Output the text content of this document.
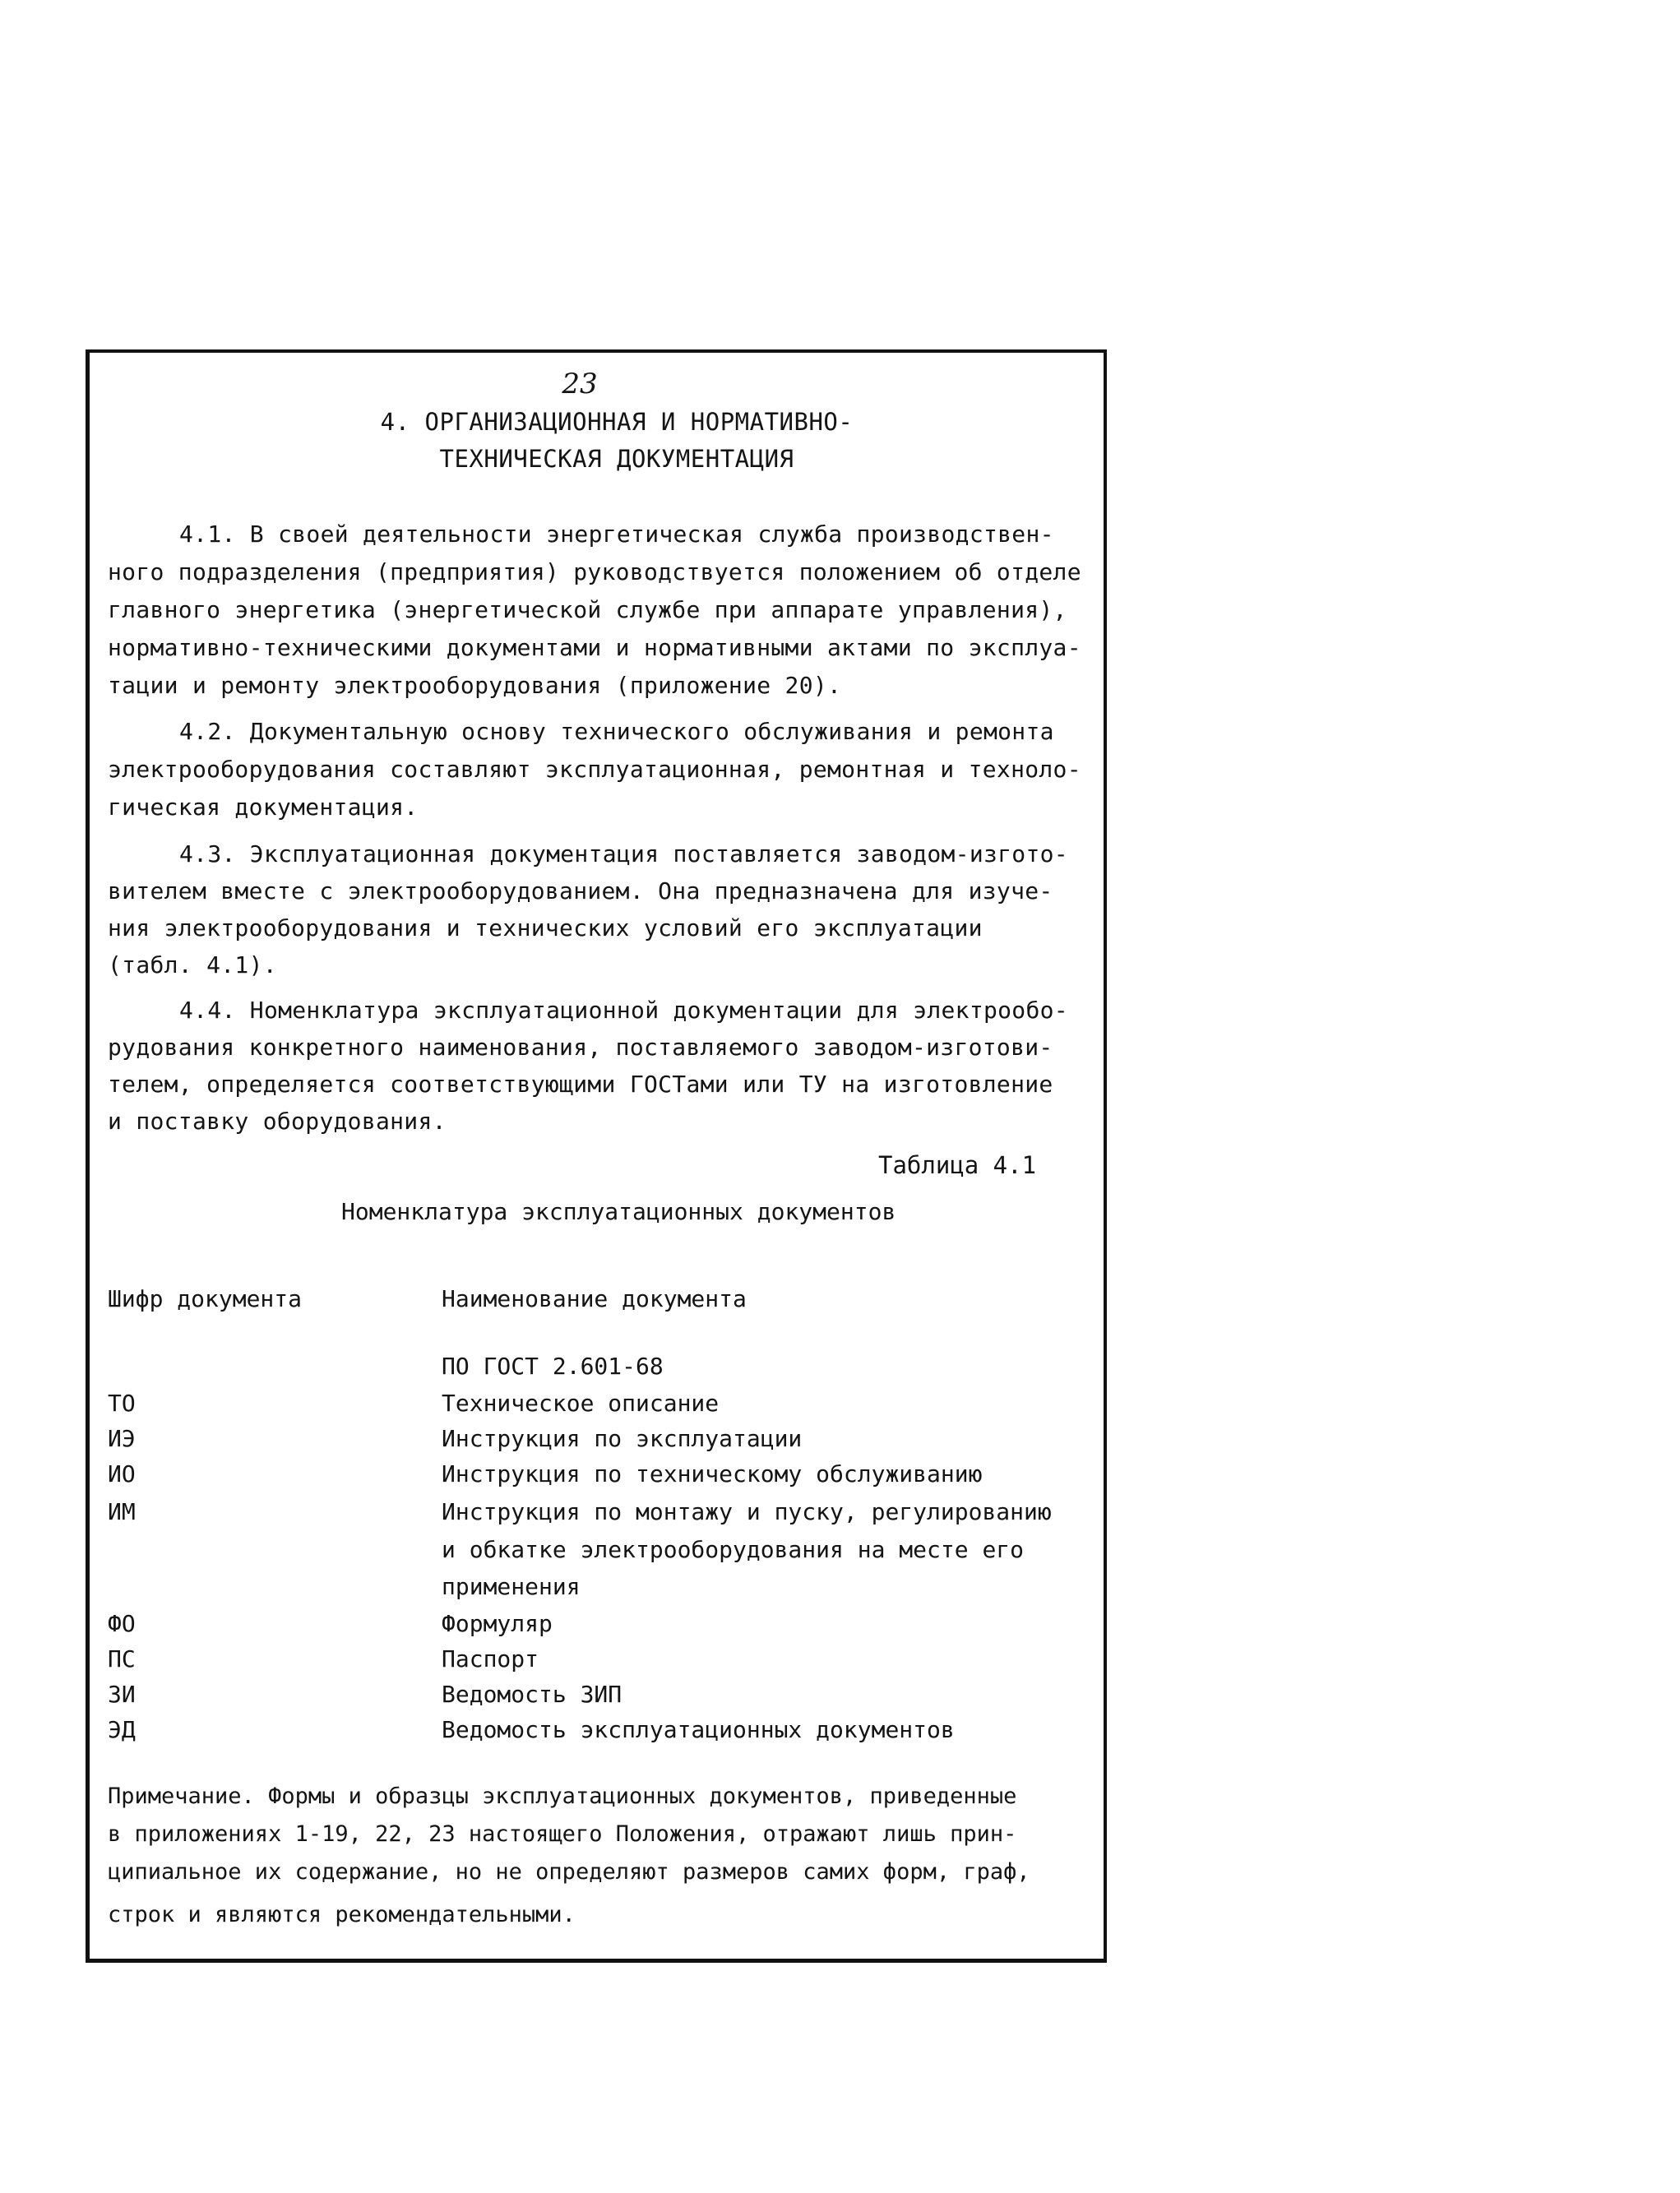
23
4. ОРГАНИЗАЦИОННАЯ И НОРМАТИВНО-
ТЕХНИЧЕСКАЯ ДОКУМЕНТАЦИЯ
4.1. В своей деятельности энергетическая служба производствен-
ного подразделения (предприятия) руководствуется положением об отделе
главного энергетика (энергетической службе при аппарате управления),
нормативно-техническими документами и нормативными актами по эксплуа-
тации и ремонту электрооборудования (приложение 20).
4.2. Документальную основу технического обслуживания и ремонта
электрооборудования составляют эксплуатационная, ремонтная и техноло-
гическая документация.
4.3. Эксплуатационная документация поставляется заводом-изгото-
вителем вместе с электрооборудованием. Она предназначена для изуче-
ния электрооборудования и технических условий его эксплуатации
(табл. 4.1).
4.4. Номенклатура эксплуатационной документации для электрообо-
рудования конкретного наименования, поставляемого заводом-изготови-
телем, определяется соответствующими ГОСТами или ТУ на изготовление
и поставку оборудования.
Таблица 4.1
Номенклатура эксплуатационных документов
Шифр документа	Наименование документа
ПО ГОСТ 2.601-68
ТО	Техническое описание
ИЭ	Инструкция по эксплуатации
ИО	Инструкция по техническому обслуживанию
ИМ	Инструкция по монтажу и пуску, регулированию
и обкатке электрооборудования на месте его
применения
ФО	Формуляр
ПС	Паспорт
ЗИ	Ведомость ЗИП
ЭД	Ведомость эксплуатационных документов
Примечание. Формы и образцы эксплуатационных документов, приведенные
в приложениях 1-19, 22, 23 настоящего Положения, отражают лишь прин-
ципиальное их содержание, но не определяют размеров самих форм, граф,
строк и являются рекомендательными.
